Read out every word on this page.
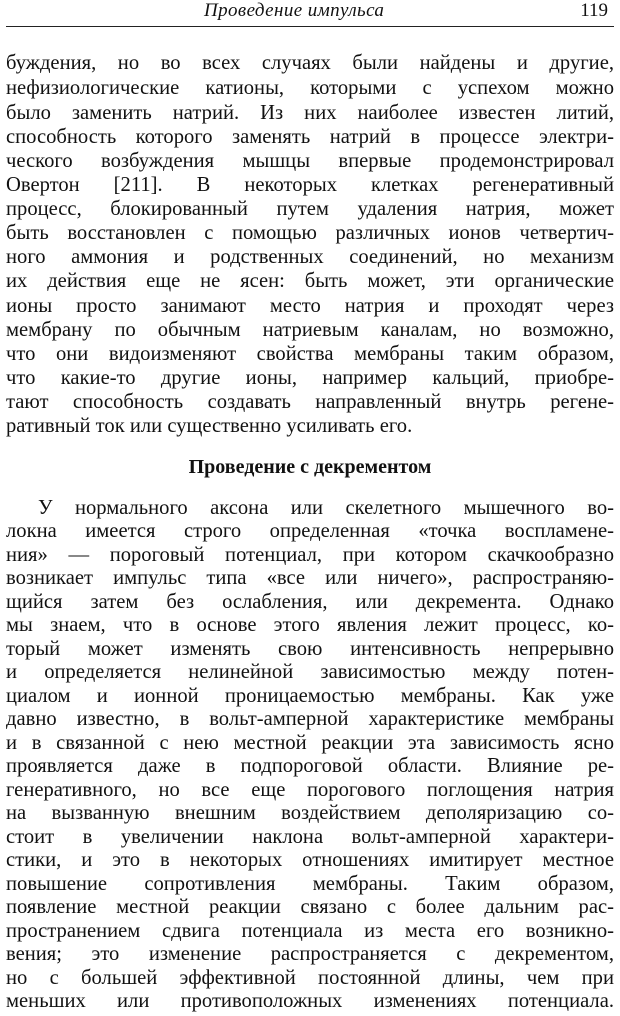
Проведение импульса	119
буждения, но во всех случаях были найдены и другие,
нефизиологические катионы, которыми с успехом можно
было заменить натрий. Из них наиболее известен литий,
способность которого заменять натрий в процессе электри-
ческого возбуждения мышцы впервые продемонстрировал
Овертон [211]. В некоторых клетках регенеративный
процесс, блокированный путем удаления натрия, может
быть восстановлен с помощью различных ионов четвертич-
ного аммония и родственных соединений, но механизм
их действия еще не ясен: быть может, эти органические
ионы просто занимают место натрия и проходят через
мембрану по обычным натриевым каналам, но возможно,
что они видоизменяют свойства мембраны таким образом,
что какие-то другие ионы, например кальций, приобре-
тают способность создавать направленный внутрь регене-
ративный ток или существенно усиливать его.
Проведение с декрементом
У нормального аксона или скелетного мышечного во-
локна имеется строго определенная «точка воспламене-
ния» — пороговый потенциал, при котором скачкообразно
возникает импульс типа «все или ничего», распространяю-
щийся затем без ослабления, или декремента. Однако
мы знаем, что в основе этого явления лежит процесс, ко-
торый может изменять свою интенсивность непрерывно
и определяется нелинейной зависимостью между потен-
циалом и ионной проницаемостью мембраны. Как уже
давно известно, в вольт-амперной характеристике мембраны
и в связанной с нею местной реакции эта зависимость ясно
проявляется даже в подпороговой области. Влияние ре-
генеративного, но все еще порогового поглощения натрия
на вызванную внешним воздействием деполяризацию со-
стоит в увеличении наклона вольт-амперной характери-
стики, и это в некоторых отношениях имитирует местное
повышение сопротивления мембраны. Таким образом,
появление местной реакции связано с более дальним рас-
пространением сдвига потенциала из места его возникно-
вения; это изменение распространяется с декрементом,
но с большей эффективной постоянной длины, чем при
меньших или противоположных изменениях потенциала.
